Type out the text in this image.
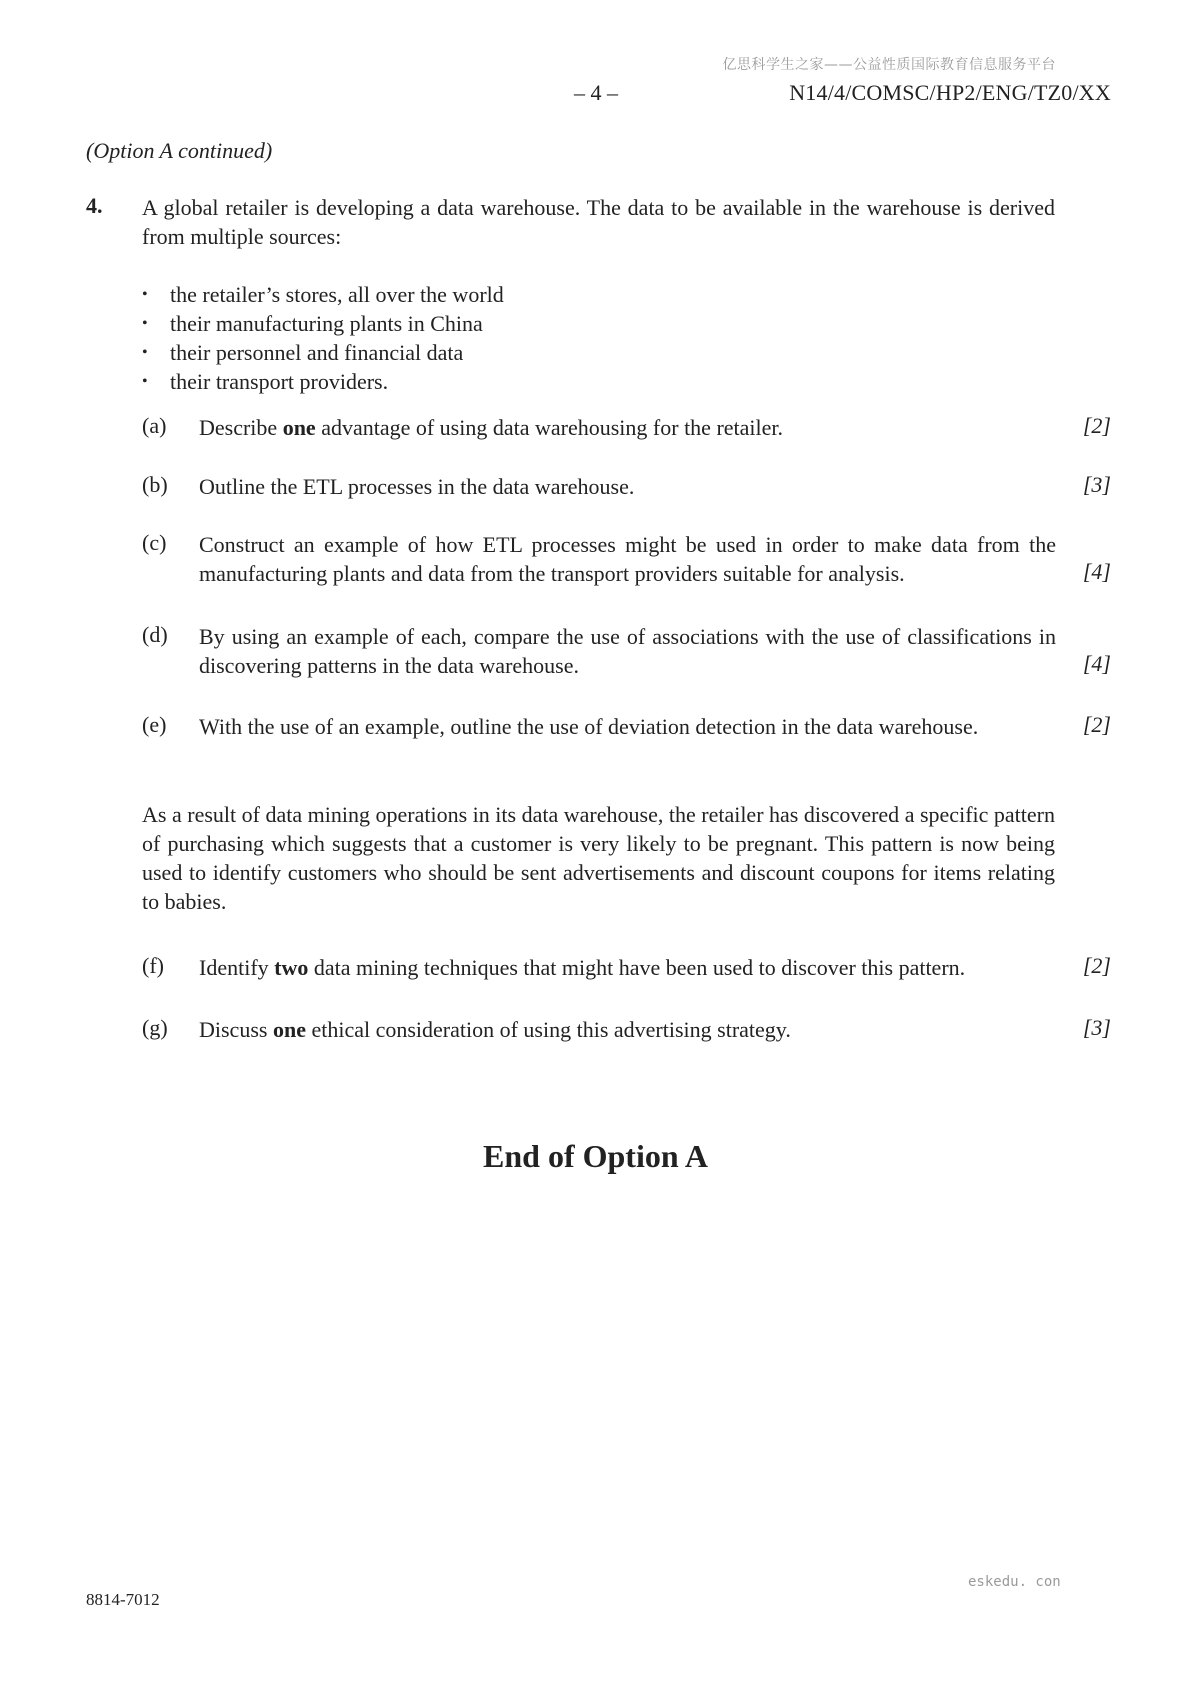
亿思科学生之家——公益性质国际教育信息服务平台
– 4 –	N14/4/COMSC/HP2/ENG/TZ0/XX
(Option A continued)
4. A global retailer is developing a data warehouse. The data to be available in the warehouse is derived from multiple sources:
• the retailer’s stores, all over the world
• their manufacturing plants in China
• their personnel and financial data
• their transport providers.
(a) Describe one advantage of using data warehousing for the retailer.	[2]
(b) Outline the ETL processes in the data warehouse.	[3]
(c) Construct an example of how ETL processes might be used in order to make data from the manufacturing plants and data from the transport providers suitable for analysis.	[4]
(d) By using an example of each, compare the use of associations with the use of classifications in discovering patterns in the data warehouse.	[4]
(e) With the use of an example, outline the use of deviation detection in the data warehouse.	[2]
As a result of data mining operations in its data warehouse, the retailer has discovered a specific pattern of purchasing which suggests that a customer is very likely to be pregnant. This pattern is now being used to identify customers who should be sent advertisements and discount coupons for items relating to babies.
(f) Identify two data mining techniques that might have been used to discover this pattern.	[2]
(g) Discuss one ethical consideration of using this advertising strategy.	[3]
End of Option A
eskedu. con
8814-7012
